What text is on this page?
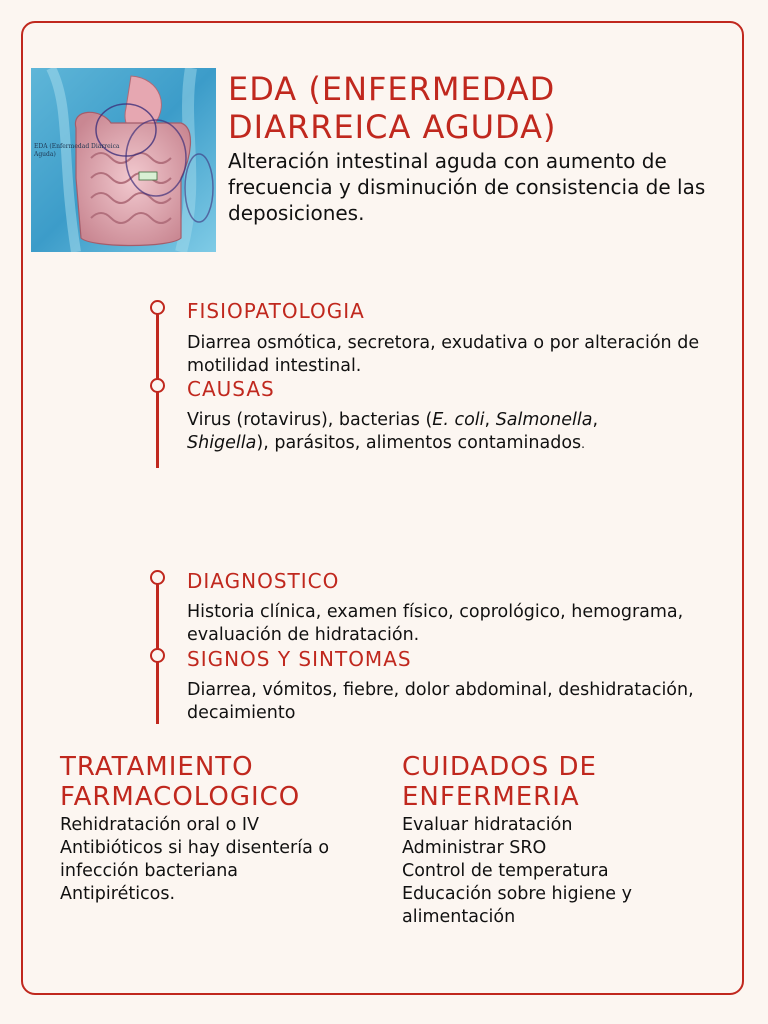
EDA (Enfermedad Diarreica
Aguda)
EDA (ENFERMEDAD
DIARREICA AGUDA)

Alteración intestinal aguda con aumento de frecuencia y disminución de consistencia de las deposiciones.

FISIOPATOLOGIA
Diarrea osmótica, secretora, exudativa o por alteración de motilidad intestinal.
CAUSAS
Virus (rotavirus), bacterias (E. coli, Salmonella,
Shigella), parásitos, alimentos contaminados.
DIAGNOSTICO
Historia clínica, examen físico, coprológico, hemograma, evaluación de hidratación.
SIGNOS Y SINTOMAS
Diarrea, vómitos, fiebre, dolor abdominal, deshidratación, decaimiento
TRATAMIENTO
FARMACOLOGICO
Rehidratación oral o IV
Antibióticos si hay disentería o infección bacteriana
Antipiréticos.
CUIDADOS DE
ENFERMERIA
Evaluar hidratación
Administrar SRO
Control de temperatura
Educación sobre higiene y alimentación
